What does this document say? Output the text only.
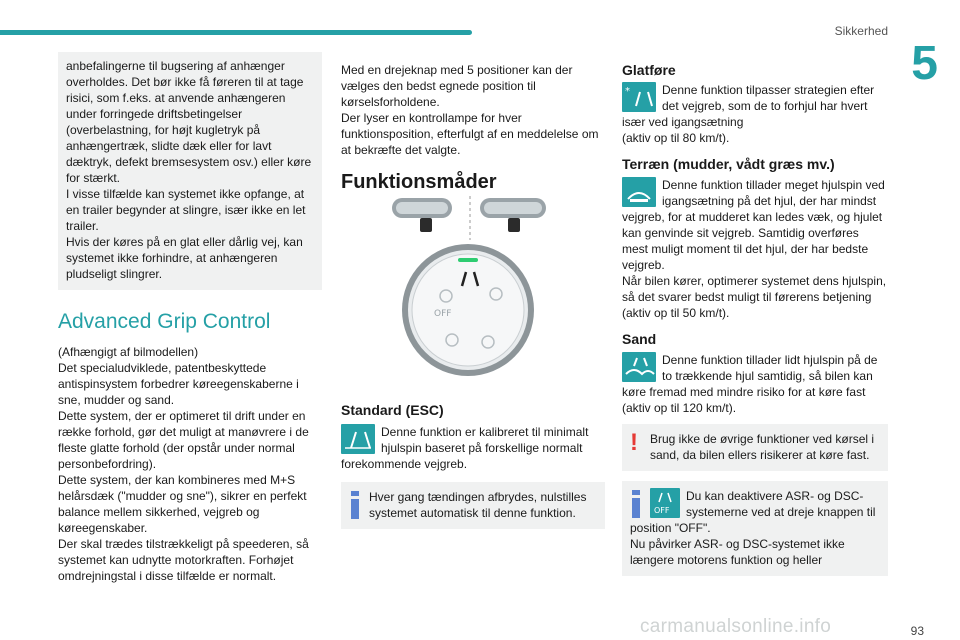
Sikkerhed
5

anbefalingerne til bugsering af anhænger overholdes. Det bør ikke få føreren til at tage risici, som f.eks. at anvende anhængeren under forringede driftsbetingelser (overbelastning, for højt kugletryk på anhængertræk, slidte dæk eller for lavt dæktryk, defekt bremsesystem osv.) eller køre for stærkt.
I visse tilfælde kan systemet ikke opfange, at en trailer begynder at slingre, især ikke en let trailer.
Hvis der køres på en glat eller dårlig vej, kan systemet ikke forhindre, at anhængeren pludseligt slingrer.

Advanced Grip Control

(Afhængigt af bilmodellen)
Det specialudviklede, patentbeskyttede antispinsystem forbedrer køreegenskaberne i sne, mudder og sand.
Dette system, der er optimeret til drift under en række forhold, gør det muligt at manøvrere i de fleste glatte forhold (der opstår under normal personbefordring).
Dette system, der kan kombineres med M+S helårsdæk ("mudder og sne"), sikrer en perfekt balance mellem sikkerhed, vejgreb og køreegenskaber.
Der skal trædes tilstrækkeligt på speederen, så systemet kan udnytte motorkraften. Forhøjet omdrejningstal i disse tilfælde er normalt.

Med en drejeknap med 5 positioner kan der vælges den bedst egnede position til kørselsforholdene.
Der lyser en kontrollampe for hver funktionsposition, efterfulgt af en meddelelse om at bekræfte det valgte.

Funktionsmåder
OFF
Standard (ESC)

Denne funktion er kalibreret til minimalt hjulspin baseret på forskellige normalt forekommende vejgreb.

Hver gang tændingen afbrydes, nulstilles systemet automatisk til denne funktion.

Glatføre
*	Denne funktion tilpasser strategien efter det vejgreb, som de to forhjul har hvert især ved igangsætning
(aktiv op til 80 km/t).

Terræn (mudder, vådt græs mv.)

Denne funktion tillader meget hjulspin ved igangsætning på det hjul, der har mindst vejgreb, for at mudderet kan ledes væk, og hjulet kan genvinde sit vejgreb. Samtidig overføres mest muligt moment til det hjul, der har bedste vejgreb.
Når bilen kører, optimerer systemet dens hjulspin, så det svarer bedst muligt til førerens betjening
(aktiv op til 50 km/t).

Sand

Denne funktion tillader lidt hjulspin på de to trækkende hjul samtidig, så bilen kan køre fremad med mindre risiko for at køre fast
(aktiv op til 120 km/t).

!	Brug ikke de øvrige funktioner ved kørsel i sand, da bilen ellers risikerer at køre fast.

OFF

Du kan deaktivere ASR- og DSC-systemerne ved at dreje knappen til position "OFF".
Nu påvirker ASR- og DSC-systemet ikke længere motorens funktion og heller

carmanualsonline.info	93
